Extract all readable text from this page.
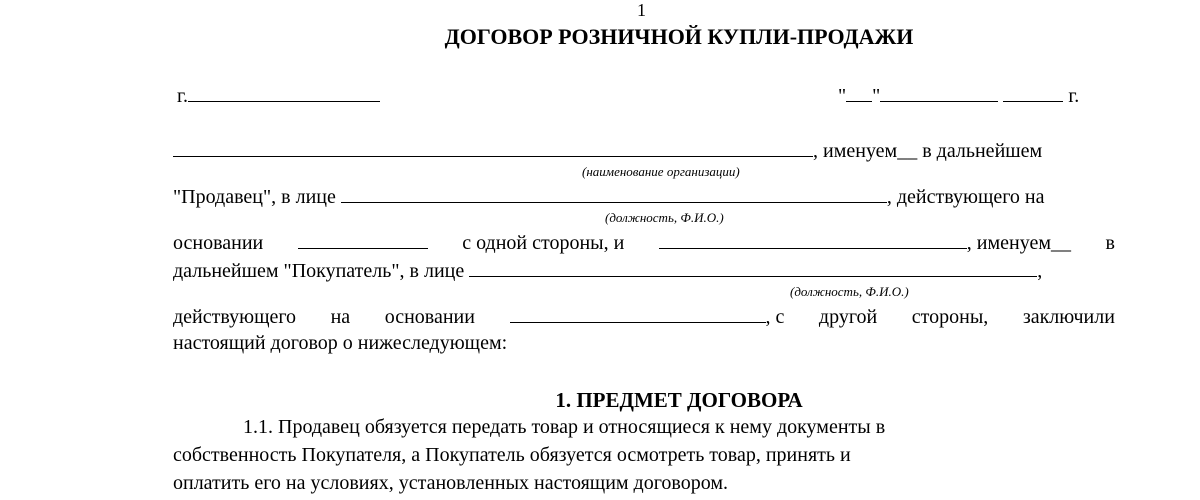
1
ДОГОВОР РОЗНИЧНОЙ КУПЛИ-ПРОДАЖИ
г.	" "	г.
, именуем__ в дальнейшем
(наименование организации)
"Продавец", в лице	, действующего на
(должность, Ф.И.О.)
основании	с одной стороны, и	, именуем__ в
дальнейшем "Покупатель", в лице	,
(должность, Ф.И.О.)
действующего на основании	, с другой стороны, заключили
настоящий договор о нижеследующем:
1. ПРЕДМЕТ ДОГОВОРА
1.1. Продавец обязуется передать товар и относящиеся к нему документы в
собственность Покупателя, а Покупатель обязуется осмотреть товар, принять и
оплатить его на условиях, установленных настоящим договором.
